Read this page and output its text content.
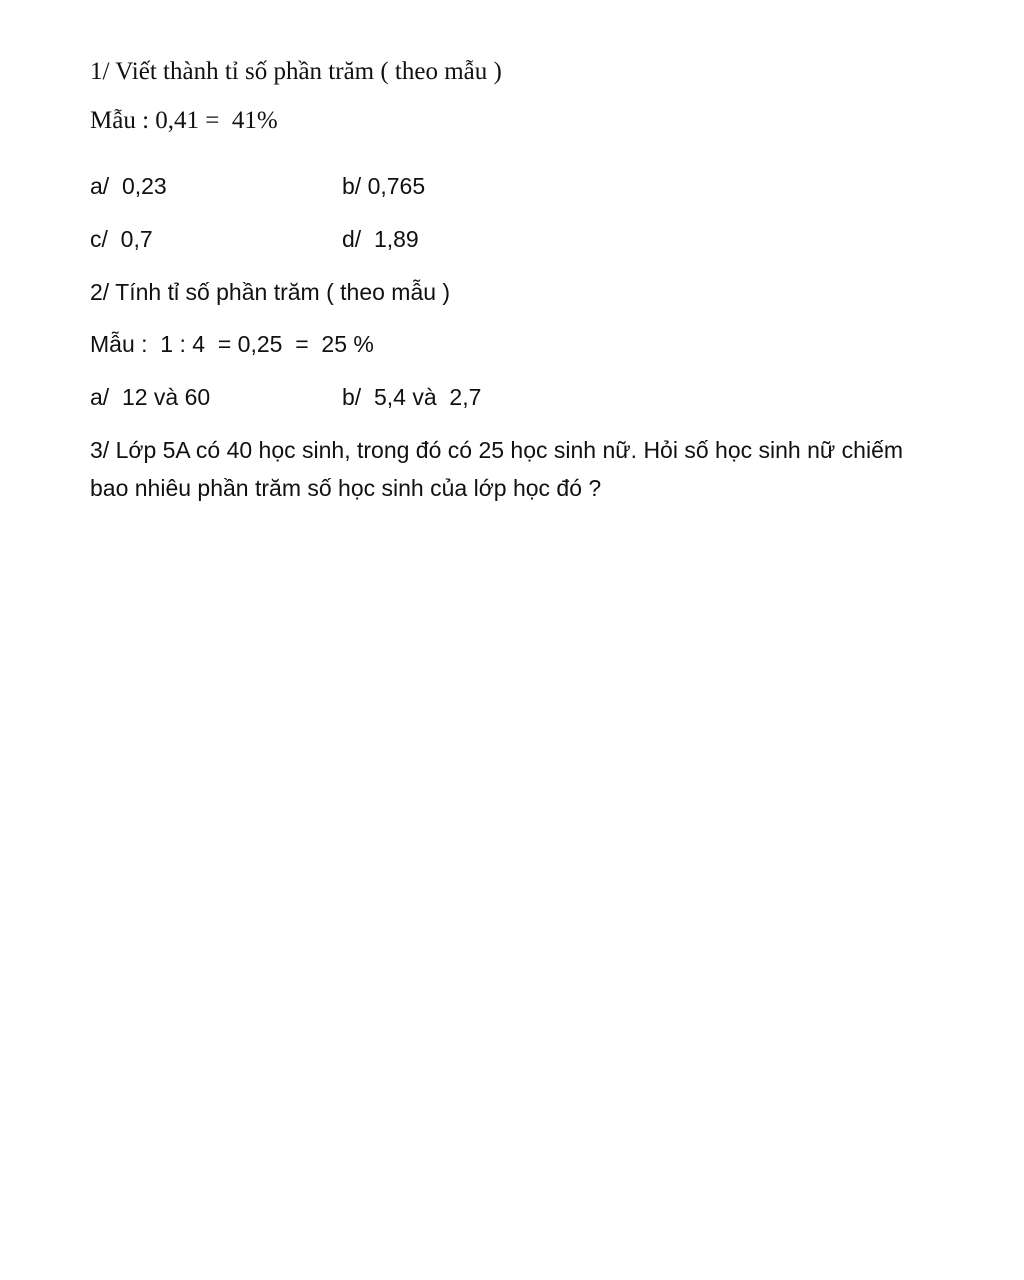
1/ Viết thành tỉ số phần trăm ( theo mẫu )
Mẫu : 0,41 =  41%
a/  0,23	b/ 0,765
c/  0,7	d/  1,89
2/ Tính tỉ số phần trăm ( theo mẫu )
Mẫu :  1 : 4  = 0,25  =  25 %
a/  12 và 60	b/  5,4 và  2,7
3/ Lớp 5A có 40 học sinh, trong đó có 25 học sinh nữ. Hỏi số học sinh nữ chiếm bao nhiêu phần trăm số học sinh của lớp học đó ?
